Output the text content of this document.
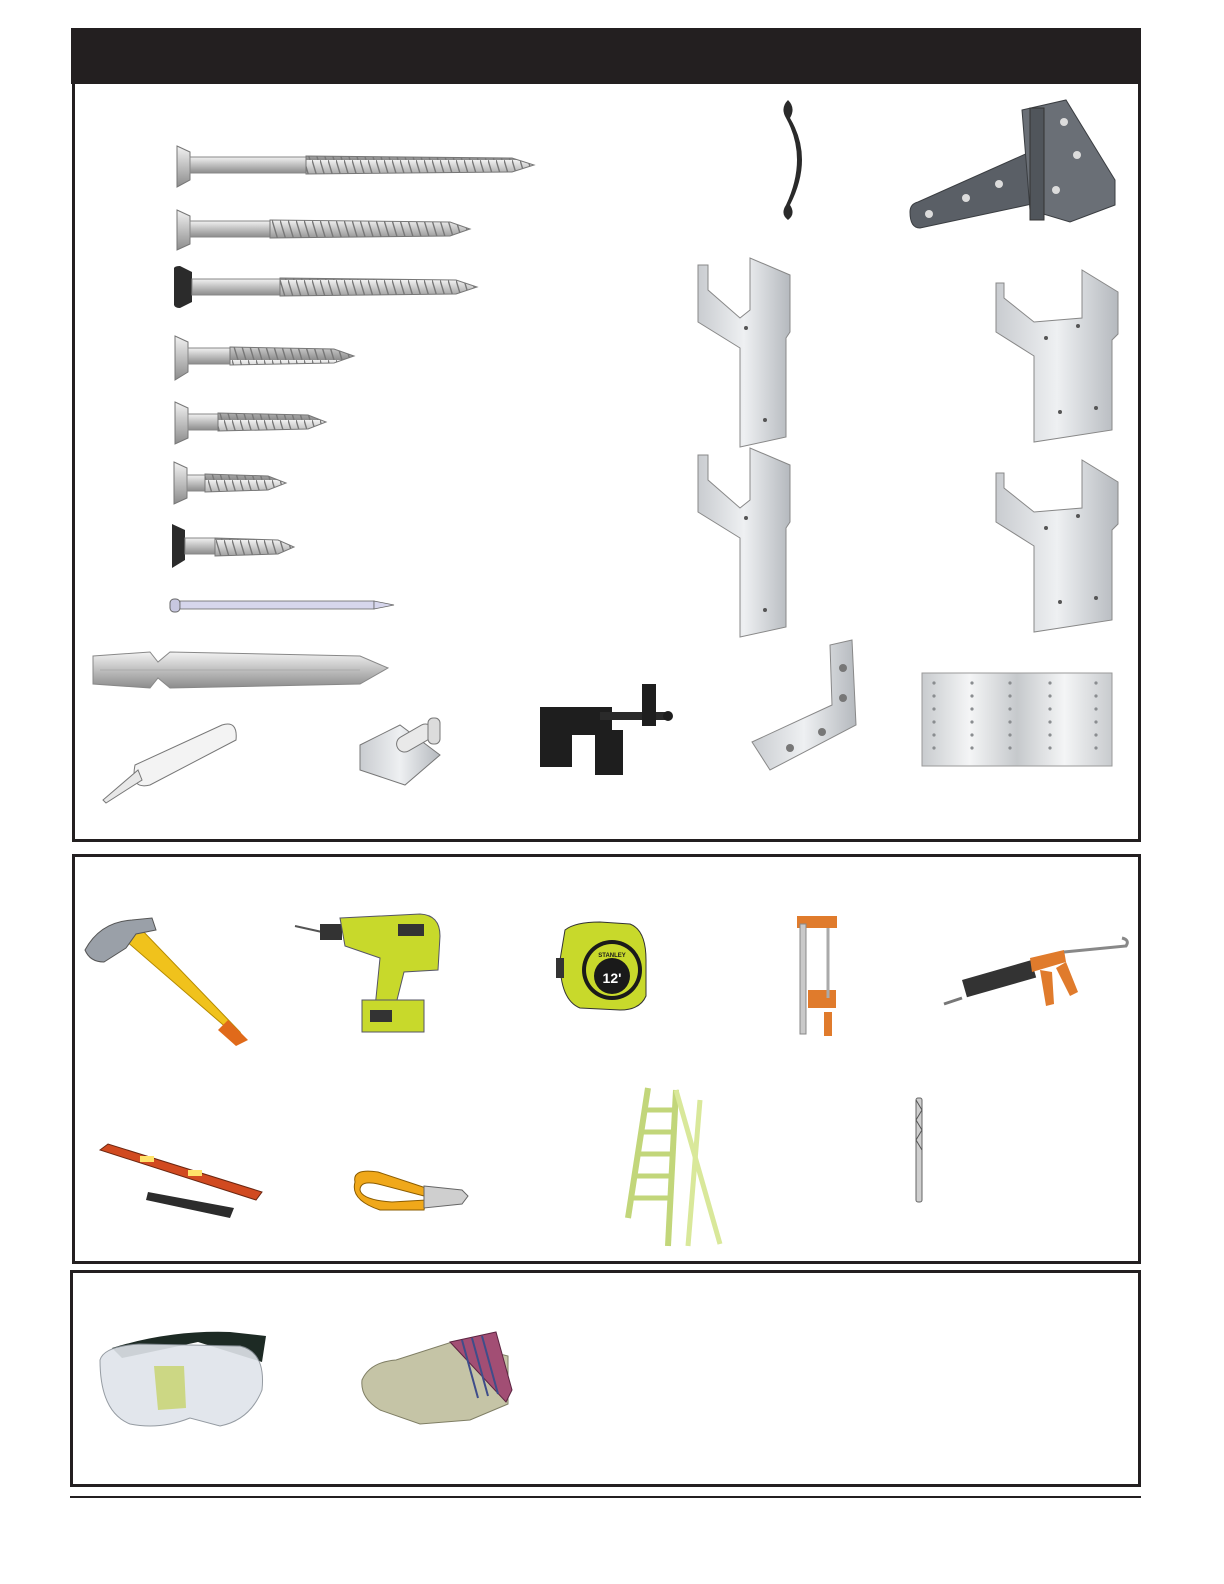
STANLEY
12'
